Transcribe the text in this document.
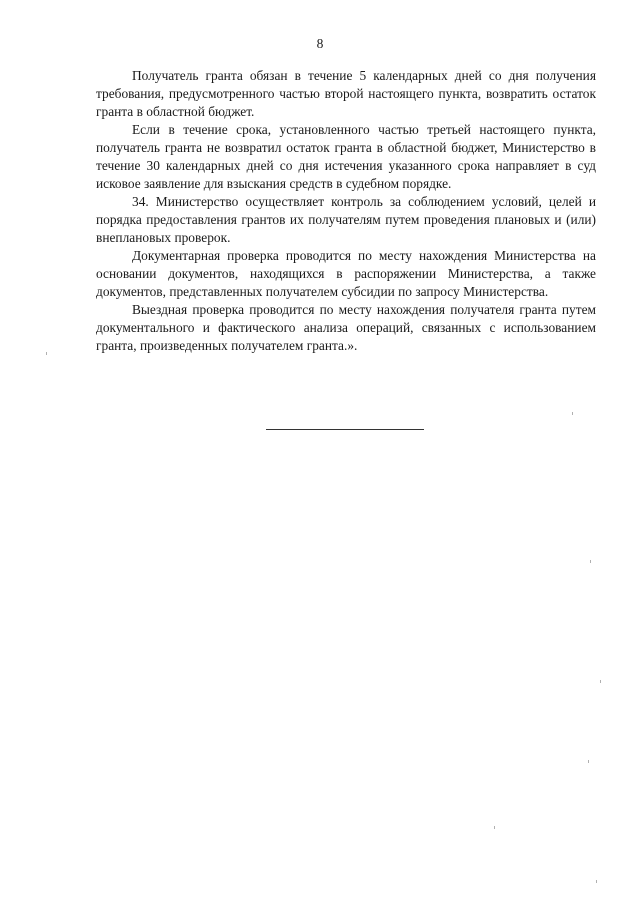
8

Получатель гранта обязан в течение 5 календарных дней со дня получения требования, предусмотренного частью второй настоящего пункта, возвратить остаток гранта в областной бюджет.

Если в течение срока, установленного частью третьей настоящего пункта, получатель гранта не возвратил остаток гранта в областной бюджет, Министерство в течение 30 календарных дней со дня истечения указанного срока направляет в суд исковое заявление для взыскания средств в судебном порядке.

34. Министерство осуществляет контроль за соблюдением условий, целей и порядка предоставления грантов их получателям путем проведения плановых и (или) внеплановых проверок.

Документарная проверка проводится по месту нахождения Министерства на основании документов, находящихся в распоряжении Министерства, а также документов, представленных получателем субсидии по запросу Министерства.

Выездная проверка проводится по месту нахождения получателя гранта путем документального и фактического анализа операций, связанных с использованием гранта, произведенных получателем гранта.».
